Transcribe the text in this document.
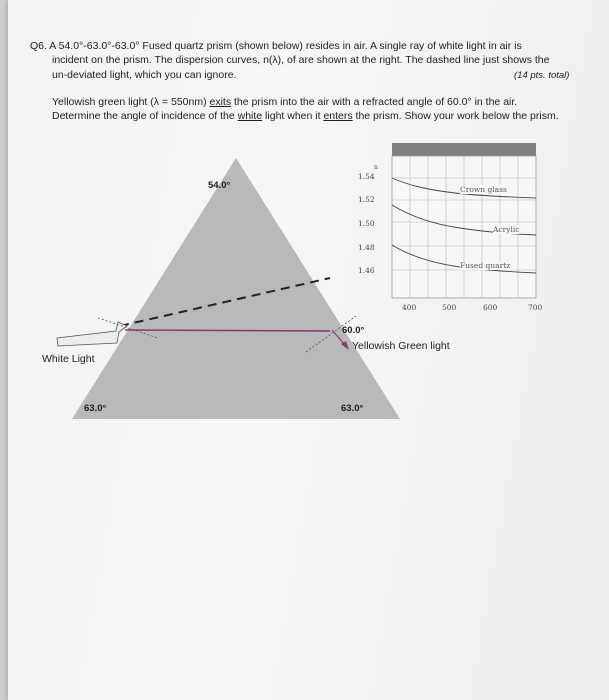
Q6. A 54.0°-63.0°-63.0° Fused quartz prism (shown below) resides in air. A single ray of white light in air is
incident on the prism. The dispersion curves, n(λ), of are shown at the right. The dashed line just shows the
un-deviated light, which you can ignore.	(14 pts. total)
Yellowish green light (λ = 550nm) exits the prism into the air with a refracted angle of 60.0° in the air.
Determine the angle of incidence of the white light when it enters the prism. Show your work below the prism.
54.0°
63.0°	63.0°
60.0°
White Light
Yellowish Green light
n
1.54
1.52
1.50
1.48
1.46
400	500	600	700
Crown glass
Acrylic
Fused quartz
